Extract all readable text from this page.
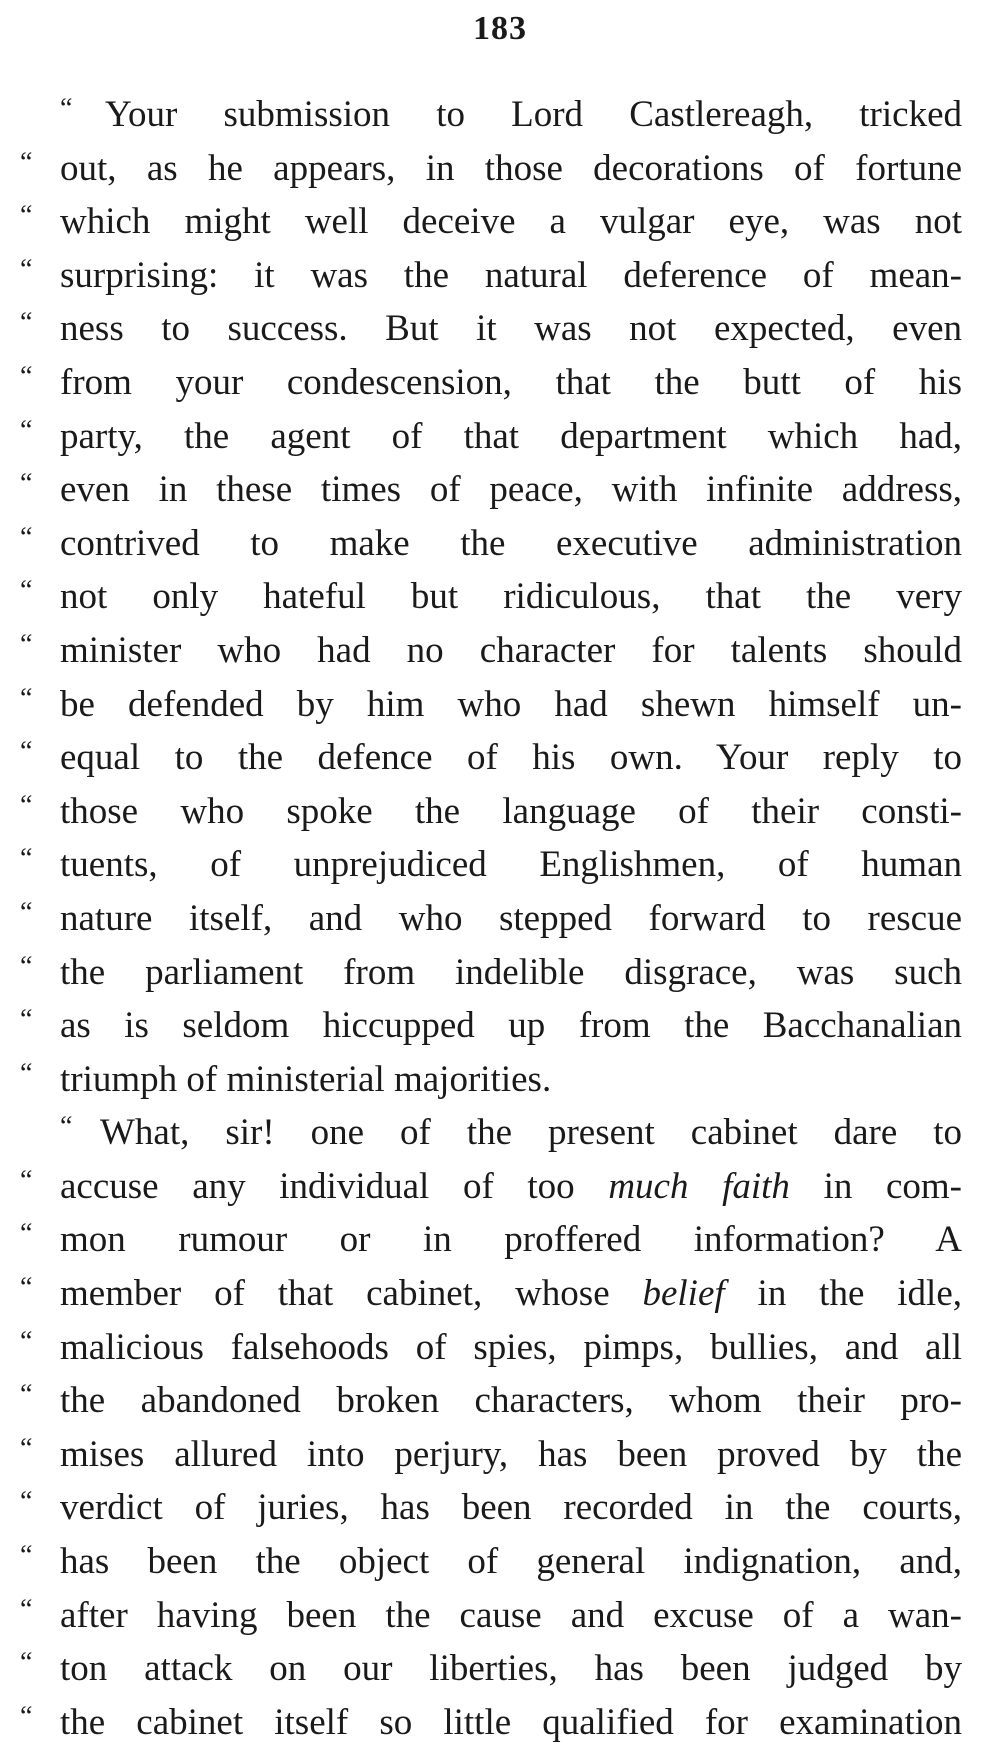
183
“ Your submission to Lord Castlereagh, tricked
“ out, as he appears, in those decorations of fortune
“ which might well deceive a vulgar eye, was not
“ surprising: it was the natural deference of mean-
“ ness to success. But it was not expected, even
“ from your condescension, that the butt of his
“ party, the agent of that department which had,
“ even in these times of peace, with infinite address,
“ contrived to make the executive administration
“ not only hateful but ridiculous, that the very
“ minister who had no character for talents should
“ be defended by him who had shewn himself un-
“ equal to the defence of his own. Your reply to
“ those who spoke the language of their consti-
“ tuents, of unprejudiced Englishmen, of human
“ nature itself, and who stepped forward to rescue
“ the parliament from indelible disgrace, was such
“ as is seldom hiccupped up from the Bacchanalian
“ triumph of ministerial majorities.
“ What, sir! one of the present cabinet dare to
“ accuse any individual of too much faith in com-
“ mon rumour or in proffered information? A
“ member of that cabinet, whose belief in the idle,
“ malicious falsehoods of spies, pimps, bullies, and all
“ the abandoned broken characters, whom their pro-
“ mises allured into perjury, has been proved by the
“ verdict of juries, has been recorded in the courts,
“ has been the object of general indignation, and,
“ after having been the cause and excuse of a wan-
“ ton attack on our liberties, has been judged by
“ the cabinet itself so little qualified for examination
